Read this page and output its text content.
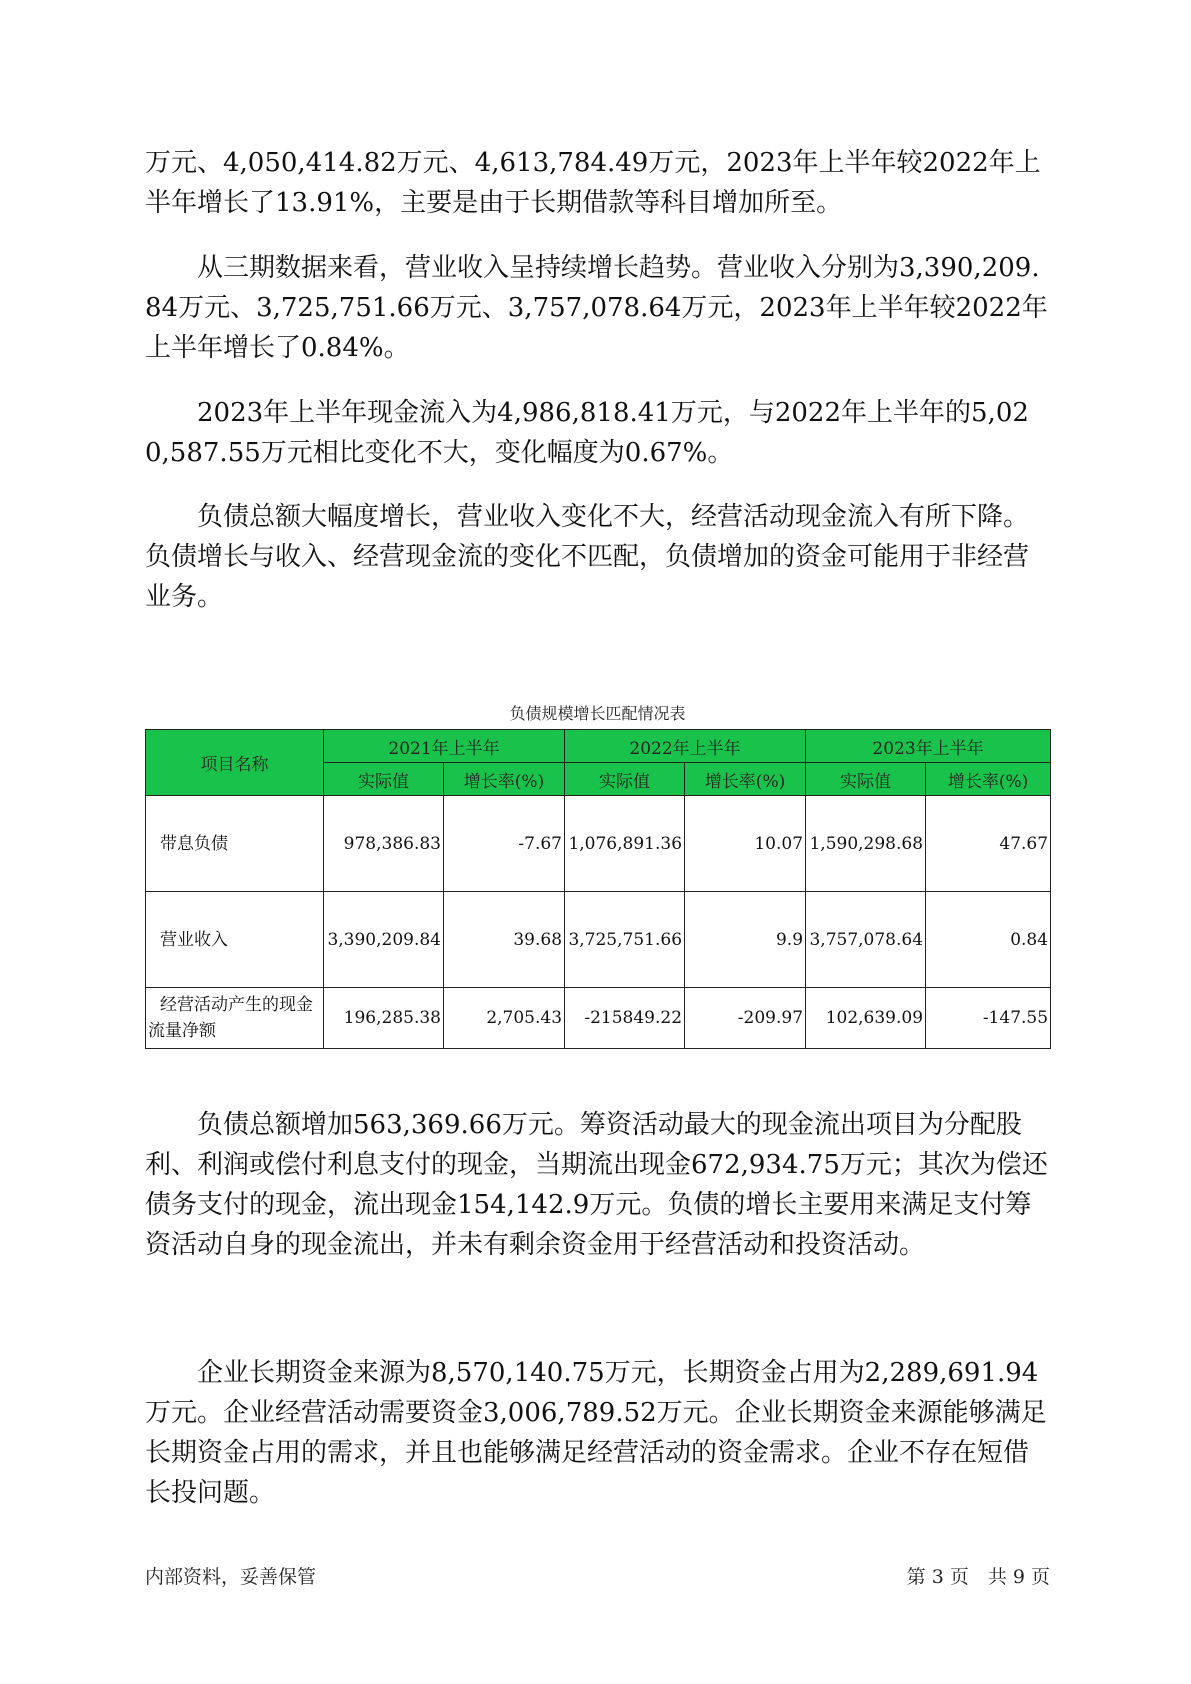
万元、4,050,414.82万元、4,613,784.49万元，2023年上半年较2022年上半年增长了13.91%，主要是由于长期借款等科目增加所至。

从三期数据来看，营业收入呈持续增长趋势。营业收入分别为3,390,209.84万元、3,725,751.66万元、3,757,078.64万元，2023年上半年较2022年上半年增长了0.84%。

2023年上半年现金流入为4,986,818.41万元，与2022年上半年的5,020,587.55万元相比变化不大，变化幅度为0.67%。

负债总额大幅度增长，营业收入变化不大，经营活动现金流入有所下降。负债增长与收入、经营现金流的变化不匹配，负债增加的资金可能用于非经营业务。

负债规模增长匹配情况表
项目名称	2021年上半年		2022年上半年		2023年上半年	
	实际值	增长率(%)	实际值	增长率(%)	实际值	增长率(%)
带息负债	978,386.83	-7.67	1,076,891.36	10.07	1,590,298.68	47.67
营业收入	3,390,209.84	39.68	3,725,751.66	9.9	3,757,078.64	0.84
经营活动产生的现金流量净额	196,285.38	2,705.43	-215849.22	-209.97	102,639.09	-147.55

负债总额增加563,369.66万元。筹资活动最大的现金流出项目为分配股利、利润或偿付利息支付的现金，当期流出现金672,934.75万元；其次为偿还债务支付的现金，流出现金154,142.9万元。负债的增长主要用来满足支付筹资活动自身的现金流出，并未有剩余资金用于经营活动和投资活动。

企业长期资金来源为8,570,140.75万元，长期资金占用为2,289,691.94万元。企业经营活动需要资金3,006,789.52万元。企业长期资金来源能够满足长期资金占用的需求，并且也能够满足经营活动的资金需求。企业不存在短借长投问题。

内部资料，妥善保管	第 3 页　共 9 页
